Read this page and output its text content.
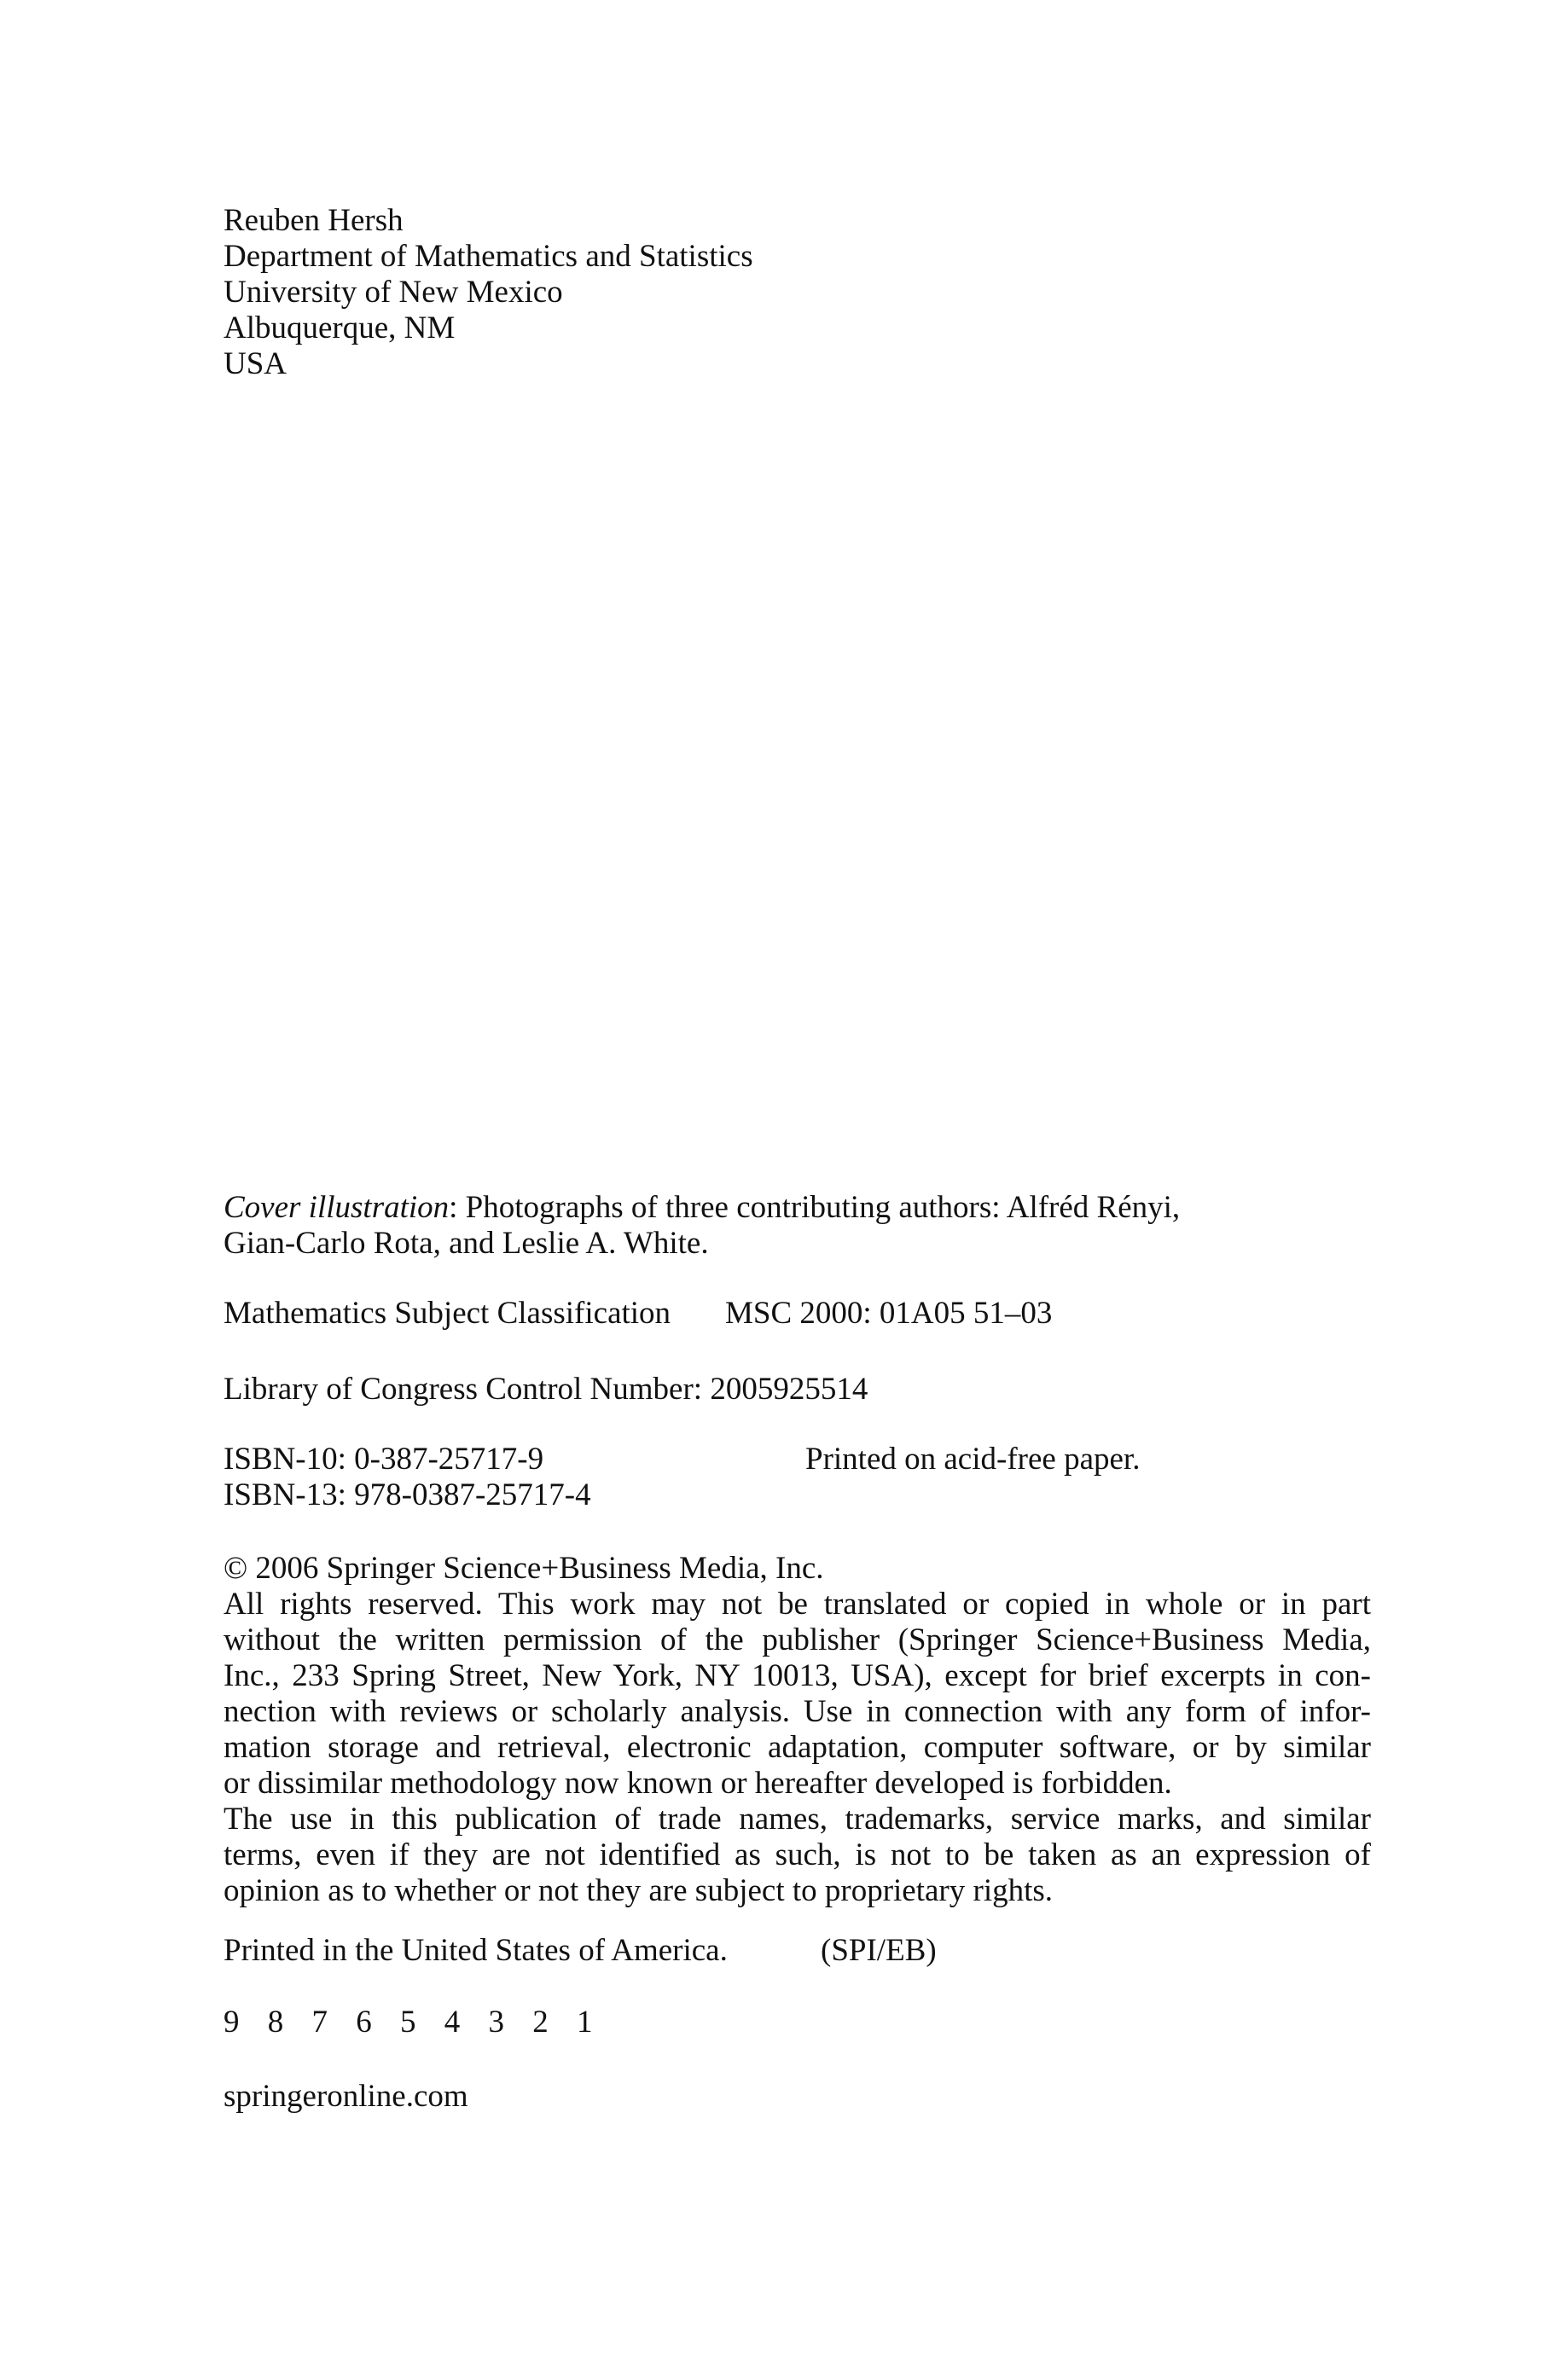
Reuben Hersh
Department of Mathematics and Statistics
University of New Mexico
Albuquerque, NM
USA
Cover illustration: Photographs of three contributing authors: Alfréd Rényi,
Gian-Carlo Rota, and Leslie A. White.
Mathematics Subject Classification	MSC 2000: 01A05 51–03
Library of Congress Control Number: 2005925514
ISBN-10: 0-387-25717-9
ISBN-13: 978-0387-25717-4
Printed on acid-free paper.
© 2006 Springer Science+Business Media, Inc.
All rights reserved. This work may not be translated or copied in whole or in part
without the written permission of the publisher (Springer Science+Business Media,
Inc., 233 Spring Street, New York, NY 10013, USA), except for brief excerpts in con-
nection with reviews or scholarly analysis. Use in connection with any form of infor-
mation storage and retrieval, electronic adaptation, computer software, or by similar
or dissimilar methodology now known or hereafter developed is forbidden.
The use in this publication of trade names, trademarks, service marks, and similar
terms, even if they are not identified as such, is not to be taken as an expression of
opinion as to whether or not they are subject to proprietary rights.
Printed in the United States of America.	(SPI/EB)
9 8 7 6 5 4 3 2 1
springeronline.com
